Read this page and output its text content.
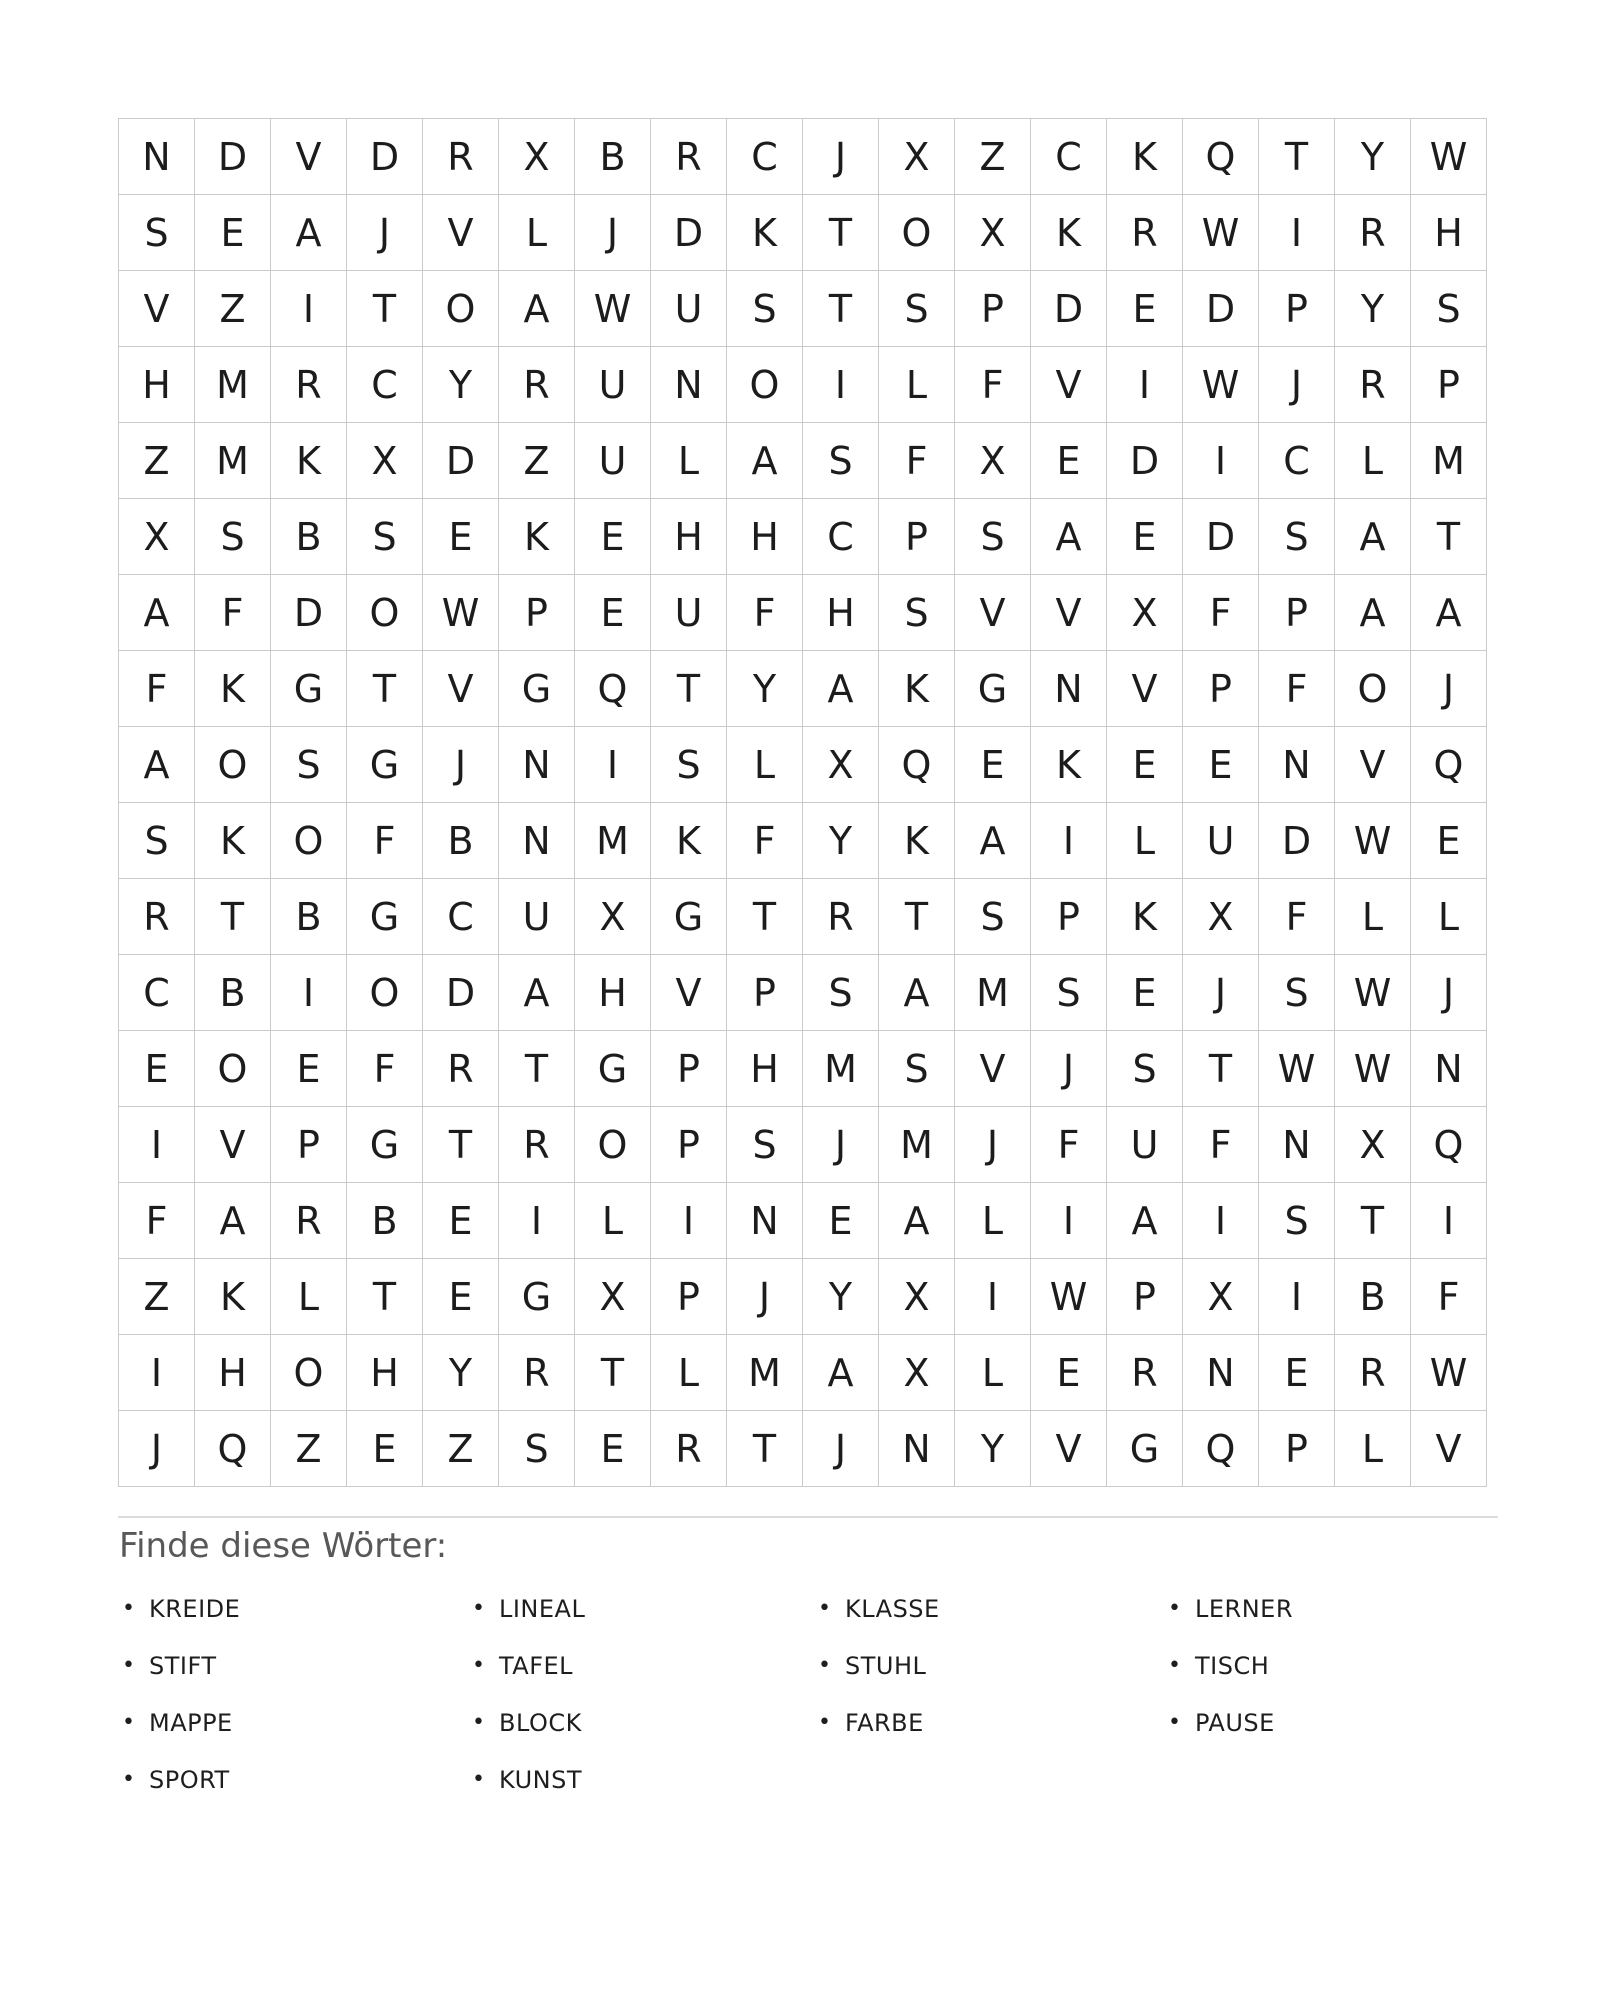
N	D	V	D	R	X	B	R	C	J	X	Z	C	K	Q	T	Y	W
S	E	A	J	V	L	J	D	K	T	O	X	K	R	W	I	R	H
V	Z	I	T	O	A	W	U	S	T	S	P	D	E	D	P	Y	S
H	M	R	C	Y	R	U	N	O	I	L	F	V	I	W	J	R	P
Z	M	K	X	D	Z	U	L	A	S	F	X	E	D	I	C	L	M
X	S	B	S	E	K	E	H	H	C	P	S	A	E	D	S	A	T
A	F	D	O	W	P	E	U	F	H	S	V	V	X	F	P	A	A
F	K	G	T	V	G	Q	T	Y	A	K	G	N	V	P	F	O	J
A	O	S	G	J	N	I	S	L	X	Q	E	K	E	E	N	V	Q
S	K	O	F	B	N	M	K	F	Y	K	A	I	L	U	D	W	E
R	T	B	G	C	U	X	G	T	R	T	S	P	K	X	F	L	L
C	B	I	O	D	A	H	V	P	S	A	M	S	E	J	S	W	J
E	O	E	F	R	T	G	P	H	M	S	V	J	S	T	W	W	N
I	V	P	G	T	R	O	P	S	J	M	J	F	U	F	N	X	Q
F	A	R	B	E	I	L	I	N	E	A	L	I	A	I	S	T	I
Z	K	L	T	E	G	X	P	J	Y	X	I	W	P	X	I	B	F
I	H	O	H	Y	R	T	L	M	A	X	L	E	R	N	E	R	W
J	Q	Z	E	Z	S	E	R	T	J	N	Y	V	G	Q	P	L	V
Finde diese Wörter:
• KREIDE
• STIFT
• MAPPE
• SPORT
• LINEAL
• TAFEL
• BLOCK
• KUNST
• KLASSE
• STUHL
• FARBE
• LERNER
• TISCH
• PAUSE
